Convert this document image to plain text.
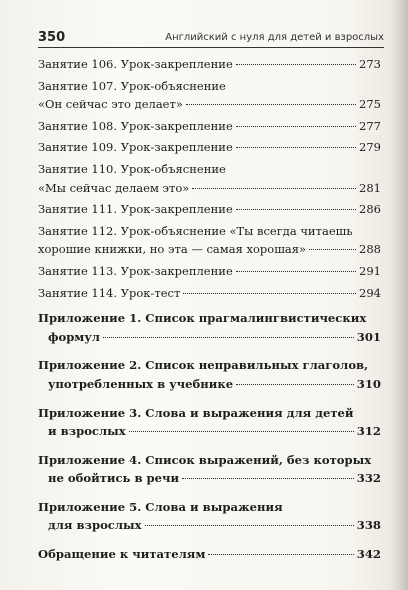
350	Английский с нуля для детей и взрослых
Занятие 106. Урок-закрепление	273
Занятие 107. Урок-объяснение
«Он сейчас это делает»	275
Занятие 108. Урок-закрепление	277
Занятие 109. Урок-закрепление	279
Занятие 110. Урок-объяснение
«Мы сейчас делаем это»	281
Занятие 111. Урок-закрепление	286
Занятие 112. Урок-объяснение «Ты всегда читаешь
хорошие книжки, но эта — самая хорошая»	288
Занятие 113. Урок-закрепление	291
Занятие 114. Урок-тест	294
Приложение 1. Список прагмалингвистических
формул	301
Приложение 2. Список неправильных глаголов,
употребленных в учебнике	310
Приложение 3. Слова и выражения для детей
и взрослых	312
Приложение 4. Список выражений, без которых
не обойтись в речи	332
Приложение 5. Слова и выражения
для взрослых	338
Обращение к читателям	342
